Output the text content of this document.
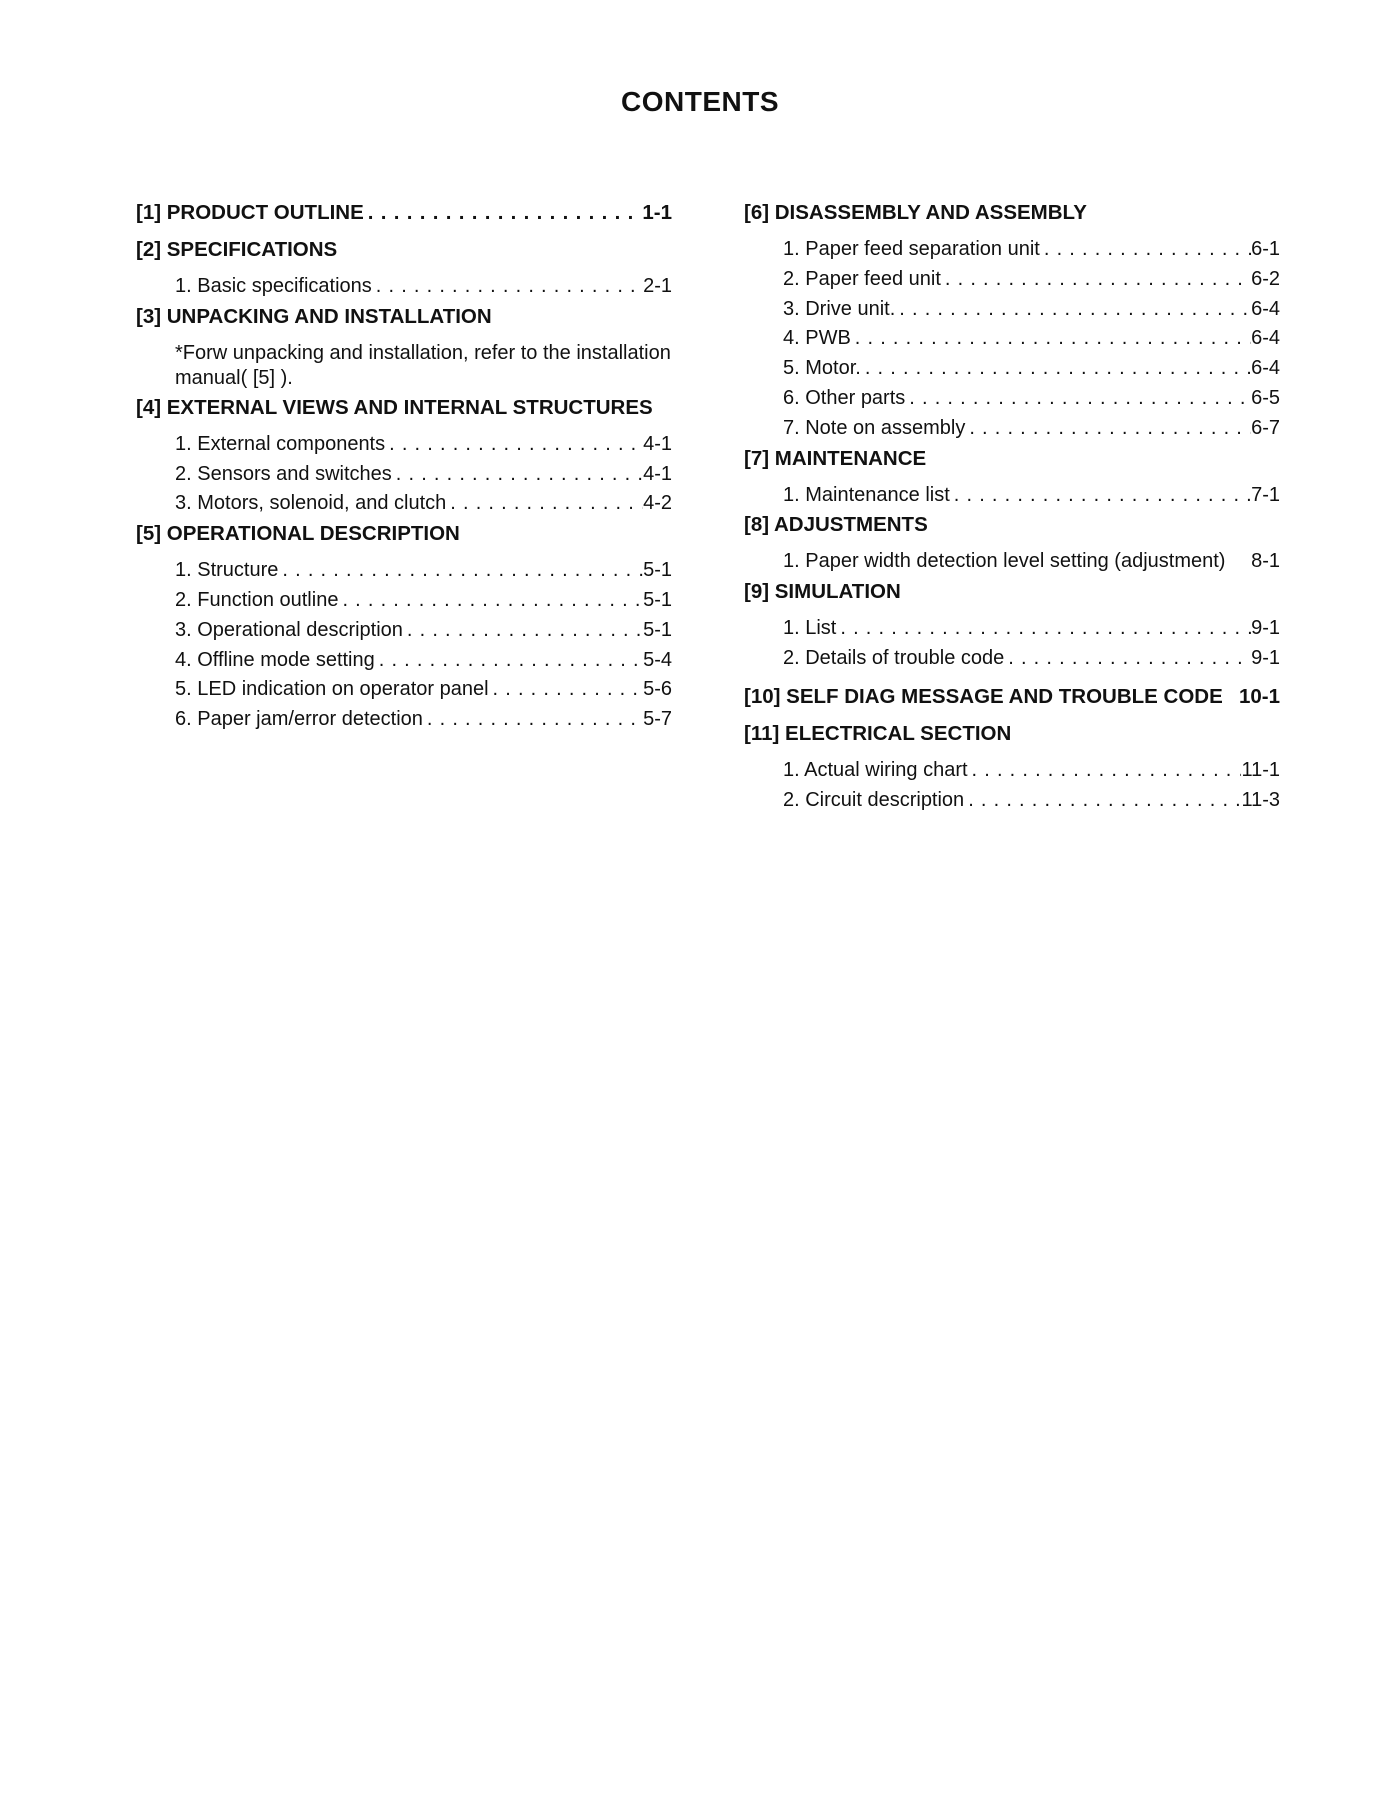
CONTENTS
[1] PRODUCT OUTLINE . . .	1-1
[2] SPECIFICATIONS
1. Basic specifications . . .	2-1
[3] UNPACKING AND INSTALLATION
*Forw unpacking and installation, refer to the installation
manual( [5] ).
[4] EXTERNAL VIEWS AND INTERNAL STRUCTURES
1. External components . . .	4-1
2. Sensors and switches . . .	4-1
3. Motors, solenoid, and clutch . . .	4-2
[5] OPERATIONAL DESCRIPTION
1. Structure . . .	5-1
2. Function outline . . .	5-1
3. Operational description . . .	5-1
4. Offline mode setting . . .	5-4
5. LED indication on operator panel . . .	5-6
6. Paper jam/error detection . . .	5-7
[6] DISASSEMBLY AND ASSEMBLY
1. Paper feed separation unit . . .	6-1
2. Paper feed unit . . .	6-2
3. Drive unit. . . .	6-4
4. PWB . . .	6-4
5. Motor. . . .	6-4
6. Other parts . . .	6-5
7. Note on assembly . . .	6-7
[7] MAINTENANCE
1. Maintenance list . . .	7-1
[8] ADJUSTMENTS
1. Paper width detection level setting (adjustment) 8-1
[9] SIMULATION
1. List . . .	9-1
2. Details of trouble code . . .	9-1
[10] SELF DIAG MESSAGE AND TROUBLE CODE 10-1
[11] ELECTRICAL SECTION
1. Actual wiring chart . . .	11-1
2. Circuit description . . .	11-3
